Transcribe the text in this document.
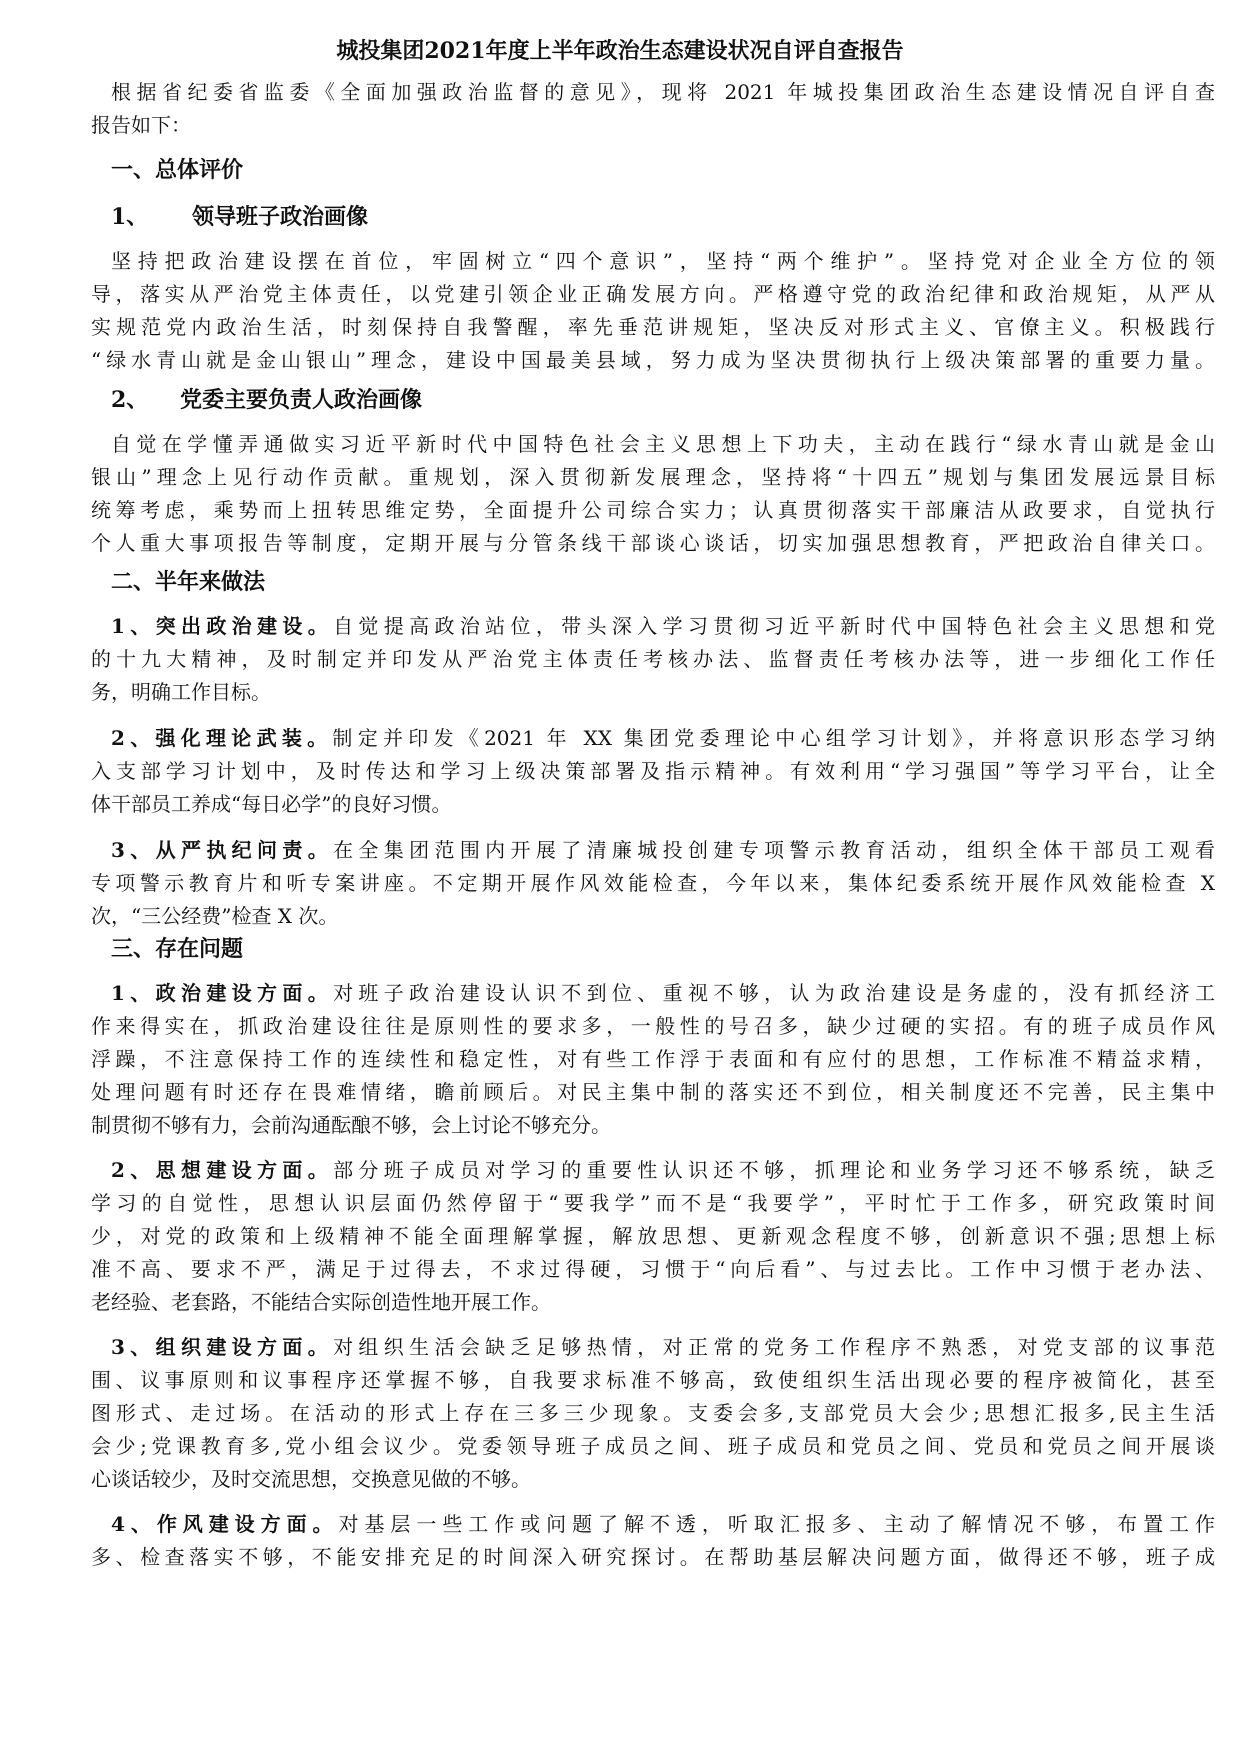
城投集团2021年度上半年政治生态建设状况自评自查报告
根据省纪委省监委《全面加强政治监督的意见》，现将 2021 年城投集团政治生态建设情况自评自查
报告如下：
一、总体评价
1、 领导班子政治画像
坚持把政治建设摆在首位，牢固树立“四个意识”，坚持“两个维护”。坚持党对企业全方位的领
导，落实从严治党主体责任，以党建引领企业正确发展方向。严格遵守党的政治纪律和政治规矩，从严从
实规范党内政治生活，时刻保持自我警醒，率先垂范讲规矩，坚决反对形式主义、官僚主义。积极践行
“绿水青山就是金山银山”理念，建设中国最美县域，努力成为坚决贯彻执行上级决策部署的重要力量。
2、 党委主要负责人政治画像
自觉在学懂弄通做实习近平新时代中国特色社会主义思想上下功夫，主动在践行“绿水青山就是金山
银山”理念上见行动作贡献。重规划，深入贯彻新发展理念，坚持将“十四五”规划与集团发展远景目标
统筹考虑，乘势而上扭转思维定势，全面提升公司综合实力；认真贯彻落实干部廉洁从政要求，自觉执行
个人重大事项报告等制度，定期开展与分管条线干部谈心谈话，切实加强思想教育，严把政治自律关口。
二、半年来做法
1、突出政治建设。自觉提高政治站位，带头深入学习贯彻习近平新时代中国特色社会主义思想和党
的十九大精神，及时制定并印发从严治党主体责任考核办法、监督责任考核办法等，进一步细化工作任
务，明确工作目标。
2、强化理论武装。制定并印发《2021 年 XX 集团党委理论中心组学习计划》，并将意识形态学习纳
入支部学习计划中，及时传达和学习上级决策部署及指示精神。有效利用“学习强国”等学习平台，让全
体干部员工养成“每日必学”的良好习惯。
3、从严执纪问责。在全集团范围内开展了清廉城投创建专项警示教育活动，组织全体干部员工观看
专项警示教育片和听专案讲座。不定期开展作风效能检查，今年以来，集体纪委系统开展作风效能检查 X
次，“三公经费”检查 X 次。
三、存在问题
1、政治建设方面。对班子政治建设认识不到位、重视不够，认为政治建设是务虚的，没有抓经济工
作来得实在，抓政治建设往往是原则性的要求多，一般性的号召多，缺少过硬的实招。有的班子成员作风
浮躁，不注意保持工作的连续性和稳定性，对有些工作浮于表面和有应付的思想，工作标准不精益求精，
处理问题有时还存在畏难情绪，瞻前顾后。对民主集中制的落实还不到位，相关制度还不完善，民主集中
制贯彻不够有力，会前沟通酝酿不够，会上讨论不够充分。
2、思想建设方面。部分班子成员对学习的重要性认识还不够，抓理论和业务学习还不够系统，缺乏
学习的自觉性，思想认识层面仍然停留于“要我学”而不是“我要学”，平时忙于工作多，研究政策时间
少，对党的政策和上级精神不能全面理解掌握，解放思想、更新观念程度不够，创新意识不强;思想上标
准不高、要求不严，满足于过得去，不求过得硬，习惯于“向后看”、与过去比。工作中习惯于老办法、
老经验、老套路，不能结合实际创造性地开展工作。
3、组织建设方面。对组织生活会缺乏足够热情，对正常的党务工作程序不熟悉，对党支部的议事范
围、议事原则和议事程序还掌握不够，自我要求标准不够高，致使组织生活出现必要的程序被简化，甚至
图形式、走过场。在活动的形式上存在三多三少现象。支委会多,支部党员大会少;思想汇报多,民主生活
会少;党课教育多,党小组会议少。党委领导班子成员之间、班子成员和党员之间、党员和党员之间开展谈
心谈话较少，及时交流思想，交换意见做的不够。
4、作风建设方面。对基层一些工作或问题了解不透，听取汇报多、主动了解情况不够，布置工作
多、检查落实不够，不能安排充足的时间深入研究探讨。在帮助基层解决问题方面，做得还不够，班子成
